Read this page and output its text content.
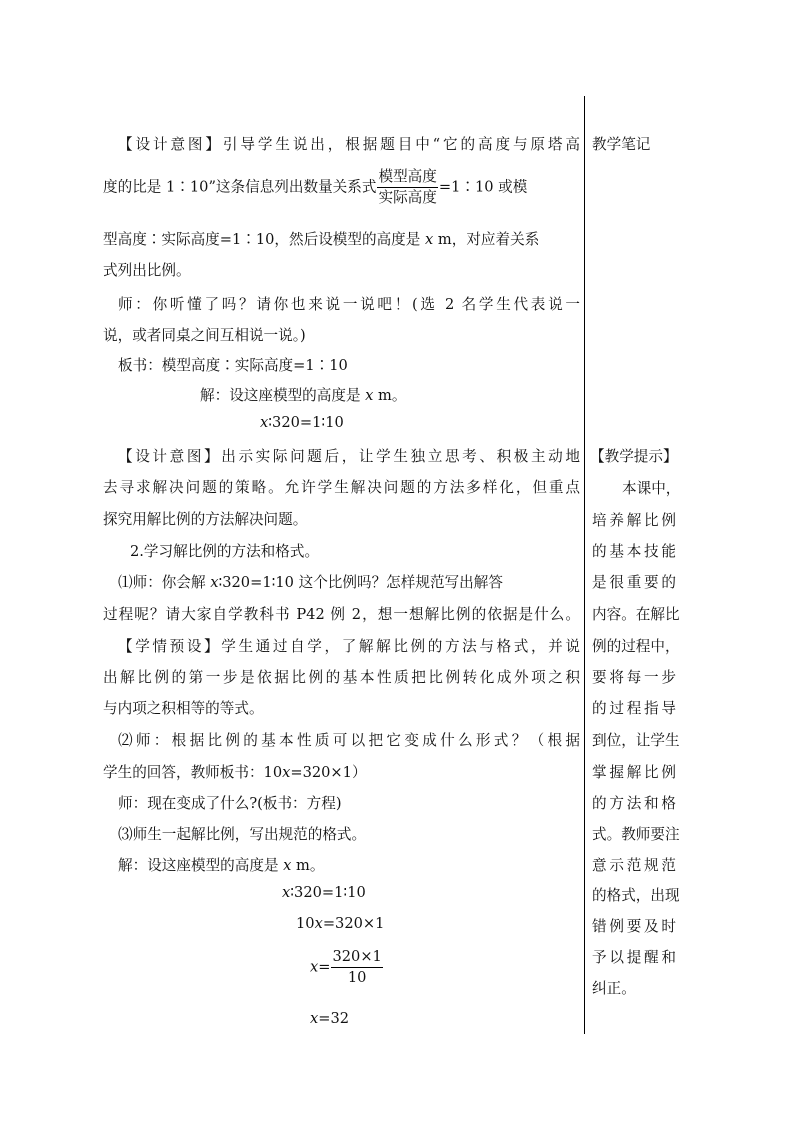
【设计意图】引导学生说出，根据题目中“它的高度与原塔高
度的比是 1∶10”这条信息列出数量关系式 $\frac{\text{模型高度}}{\text{实际高度}}$ =1∶10 或模
型高度∶实际高度=1∶10，然后设模型的高度是 x m，对应着关系
式列出比例。
师：你听懂了吗？请你也来说一说吧！(选 2 名学生代表说一
说，或者同桌之间互相说一说。)
板书：模型高度∶实际高度=1∶10
解：设这座模型的高度是 x m。
x∶320=1∶10
【设计意图】出示实际问题后，让学生独立思考、积极主动地
去寻求解决问题的策略。允许学生解决问题的方法多样化，但重点
探究用解比例的方法解决问题。
2.学习解比例的方法和格式。
⑴师：你会解 x∶320=1∶10 这个比例吗？怎样规范写出解答
过程呢？请大家自学教科书 P42 例 2，想一想解比例的依据是什么。
【学情预设】学生通过自学，了解解比例的方法与格式，并说
出解比例的第一步是依据比例的基本性质把比例转化成外项之积
与内项之积相等的等式。
⑵师：根据比例的基本性质可以把它变成什么形式？（根据
学生的回答，教师板书：10x=320×1）
师：现在变成了什么?(板书：方程)
⑶师生一起解比例，写出规范的格式。
解：设这座模型的高度是 x m。
x∶320=1∶10
10x=320×1
$x= \frac{320\times 1}{10}$
x=32
教学笔记
【教学提示】
本课中，
培养解比例
的基本技能
是很重要的
内容。在解比
例的过程中，
要将每一步
的过程指导
到位，让学生
掌握解比例
的方法和格
式。教师要注
意示范规范
的格式，出现
错例要及时
予以提醒和
纠正。
